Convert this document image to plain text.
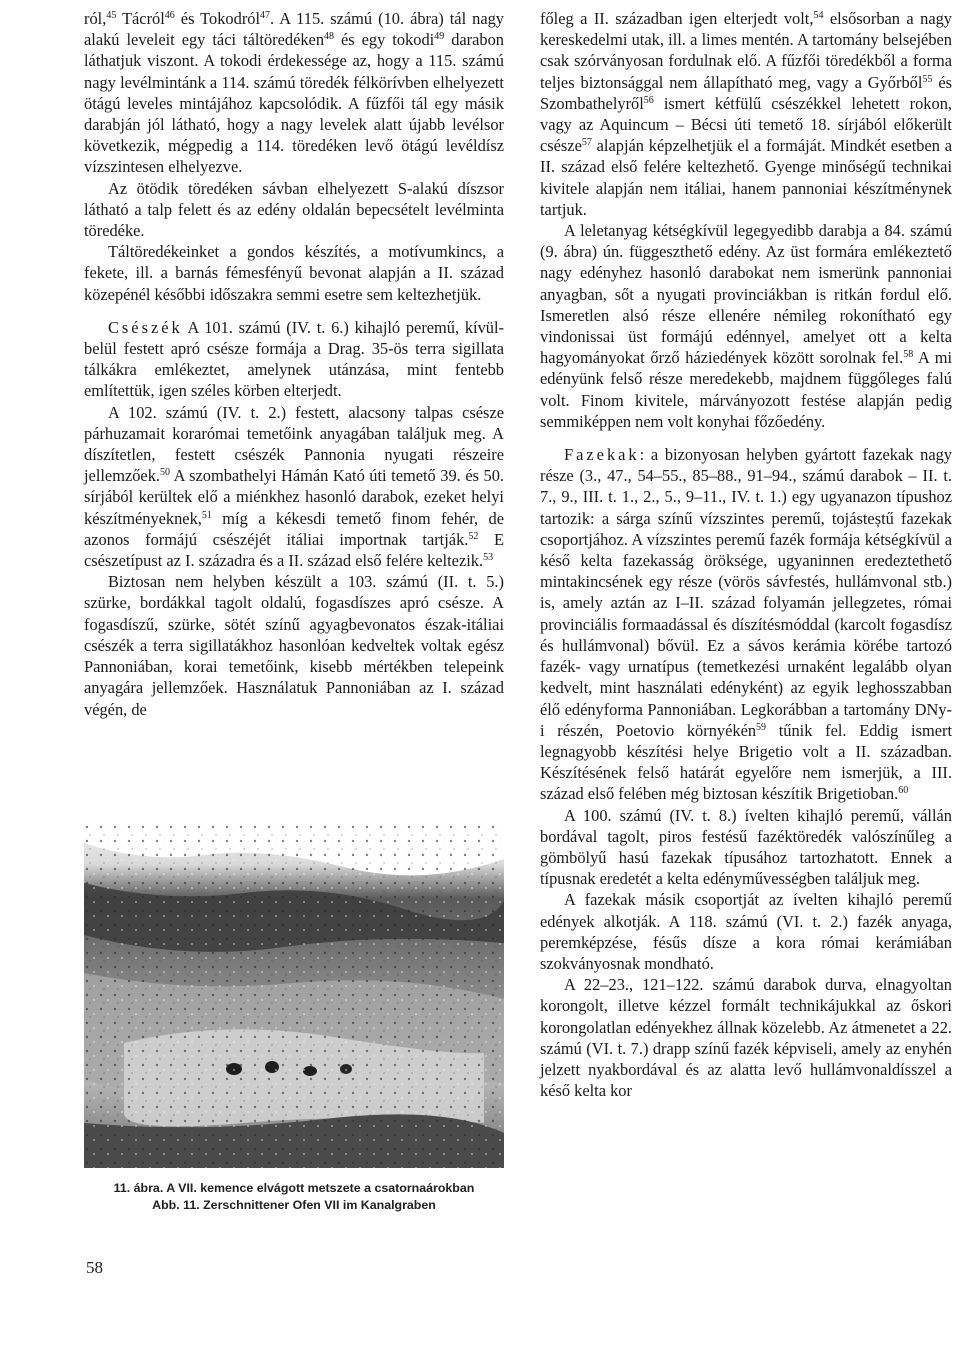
ról,$^{45}$ Tácról$^{46}$ és Tokodról$^{47}$. A 115. számú (10. ábra) tál nagy alakú leveleit egy táci táltöredéken$^{48}$ és egy tokodi$^{49}$ darabon láthatjuk viszont. A tokodi érdekessége az, hogy a 115. számú nagy levélmintánk a 114. számú töredék félkörívben elhelyezett ötágú leveles mintájához kapcsolódik. A fűzfői tál egy másik darabján jól látható, hogy a nagy levelek alatt újabb levélsor következik, mégpedig a 114. töredéken levő ötágú levéldísz vízszintesen elhelyezve.

Az ötödik töredéken sávban elhelyezett S-alakú díszsor látható a talp felett és az edény oldalán bepecsételt levélminta töredéke.

Táltöredékeinket a gondos készítés, a motívumkincs, a fekete, ill. a barnás fémesfényű bevonat alapján a II. század közepénél későbbi időszakra semmi esetre sem keltezhetjük.

Csészék A 101. számú (IV. t. 6.) kihajló peremű, kívül-belül festett apró csésze formája a Drag. 35-ös terra sigillata tálkákra emlékeztet, amelynek utánzása, mint fentebb említettük, igen széles körben elterjedt.

A 102. számú (IV. t. 2.) festett, alacsony talpas csésze párhuzamait korarómai temetőink anyagában találjuk meg. A díszítetlen, festett csészék Pannonia nyugati részeire jellemzőek.$^{50}$ A szombathelyi Hámán Kató úti temető 39. és 50. sírjából kerültek elő a miénkhez hasonló darabok, ezeket helyi készítményeknek,$^{51}$ míg a kékesdi temető finom fehér, de azonos formájú csészéjét itáliai importnak tartják.$^{52}$ E csészetípust az I. századra és a II. század első felére keltezik.$^{53}$

Biztosan nem helyben készült a 103. számú (II. t. 5.) szürke, bordákkal tagolt oldalú, fogasdíszes apró csésze. A fogasdíszű, szürke, sötét színű agyagbevonatos észak-itáliai csészék a terra sigillatákhoz hasonlóan kedveltek voltak egész Pannoniában, korai temetőink, kisebb mértékben telepeink anyagára jellemzőek. Használatuk Pannoniában az I. század végén, de

11. ábra. A VII. kemence elvágott metszete a csatornaárokban
Abb. 11. Zerschnittener Ofen VII im Kanalgraben

főleg a II. században igen elterjedt volt,$^{54}$ elsősorban a nagy kereskedelmi utak, ill. a limes mentén. A tartomány belsejében csak szórványosan fordulnak elő. A fűzfői töredékből a forma teljes biztonsággal nem állapítható meg, vagy a Győrből$^{55}$ és Szombathelyről$^{56}$ ismert kétfülű csészékkel lehetett rokon, vagy az Aquincum – Bécsi úti temető 18. sírjából előkerült csésze$^{57}$ alapján képzelhetjük el a formáját. Mindkét esetben a II. század első felére keltezhető. Gyenge minőségű technikai kivitele alapján nem itáliai, hanem pannoniai készítménynek tartjuk.

A leletanyag kétségkívül legegyedibb darabja a 84. számú (9. ábra) ún. függeszthető edény. Az üst formára emlékeztető nagy edényhez hasonló darabokat nem ismerünk pannoniai anyagban, sőt a nyugati provinciákban is ritkán fordul elő. Ismeretlen alsó része ellenére némileg rokonítható egy vindonissai üst formájú edénnyel, amelyet ott a kelta hagyományokat őrző háziedények között sorolnak fel.$^{58}$ A mi edényünk felső része meredekebb, majdnem függőleges falú volt. Finom kivitele, márványozott festése alapján pedig semmiképpen nem volt konyhai főzőedény.

Fazekak: a bizonyosan helyben gyártott fazekak nagy része (3., 47., 54–55., 85–88., 91–94., számú darabok – II. t. 7., 9., III. t. 1., 2., 5., 9–11., IV. t. 1.) egy ugyanazon típushoz tartozik: a sárga színű vízszintes peremű, tojásteștű fazekak csoportjához. A vízszintes peremű fazék formája kétségkívül a késő kelta fazekasság öröksége, ugyaninnen eredeztethető mintakincsének egy része (vörös sávfestés, hullámvonal stb.) is, amely aztán az I–II. század folyamán jellegzetes, római provinciális formaadással és díszítésmóddal (karcolt fogasdísz és hullámvonal) bővül. Ez a sávos kerámia körébe tartozó fazék- vagy urnatípus (temetkezési urnaként legalább olyan kedvelt, mint használati edényként) az egyik leghosszabban élő edényforma Pannoniában. Legkorábban a tartomány DNy-i részén, Poetovio környékén$^{59}$ tűnik fel. Eddig ismert legnagyobb készítési helye Brigetio volt a II. században. Készítésének felső határát egyelőre nem ismerjük, a III. század első felében még biztosan készítik Brigetioban.$^{60}$

A 100. számú (IV. t. 8.) ívelten kihajló peremű, vállán bordával tagolt, piros festésű fazéktöredék valószínűleg a gömbölyű hasú fazekak típusához tartozhatott. Ennek a típusnak eredetét a kelta edényművességben találjuk meg.

A fazekak másik csoportját az ívelten kihajló peremű edények alkotják. A 118. számú (VI. t. 2.) fazék anyaga, peremképzése, fésűs dísze a kora római kerámiában szokványosnak mondható.

A 22–23., 121–122. számú darabok durva, elnagyoltan korongolt, illetve kézzel formált technikájukkal az őskori korongolatlan edényekhez állnak közelebb. Az átmenetet a 22. számú (VI. t. 7.) drapp színű fazék képviseli, amely az enyhén jelzett nyakbordával és az alatta levő hullámvonaldísszel a késő kelta kor

58
